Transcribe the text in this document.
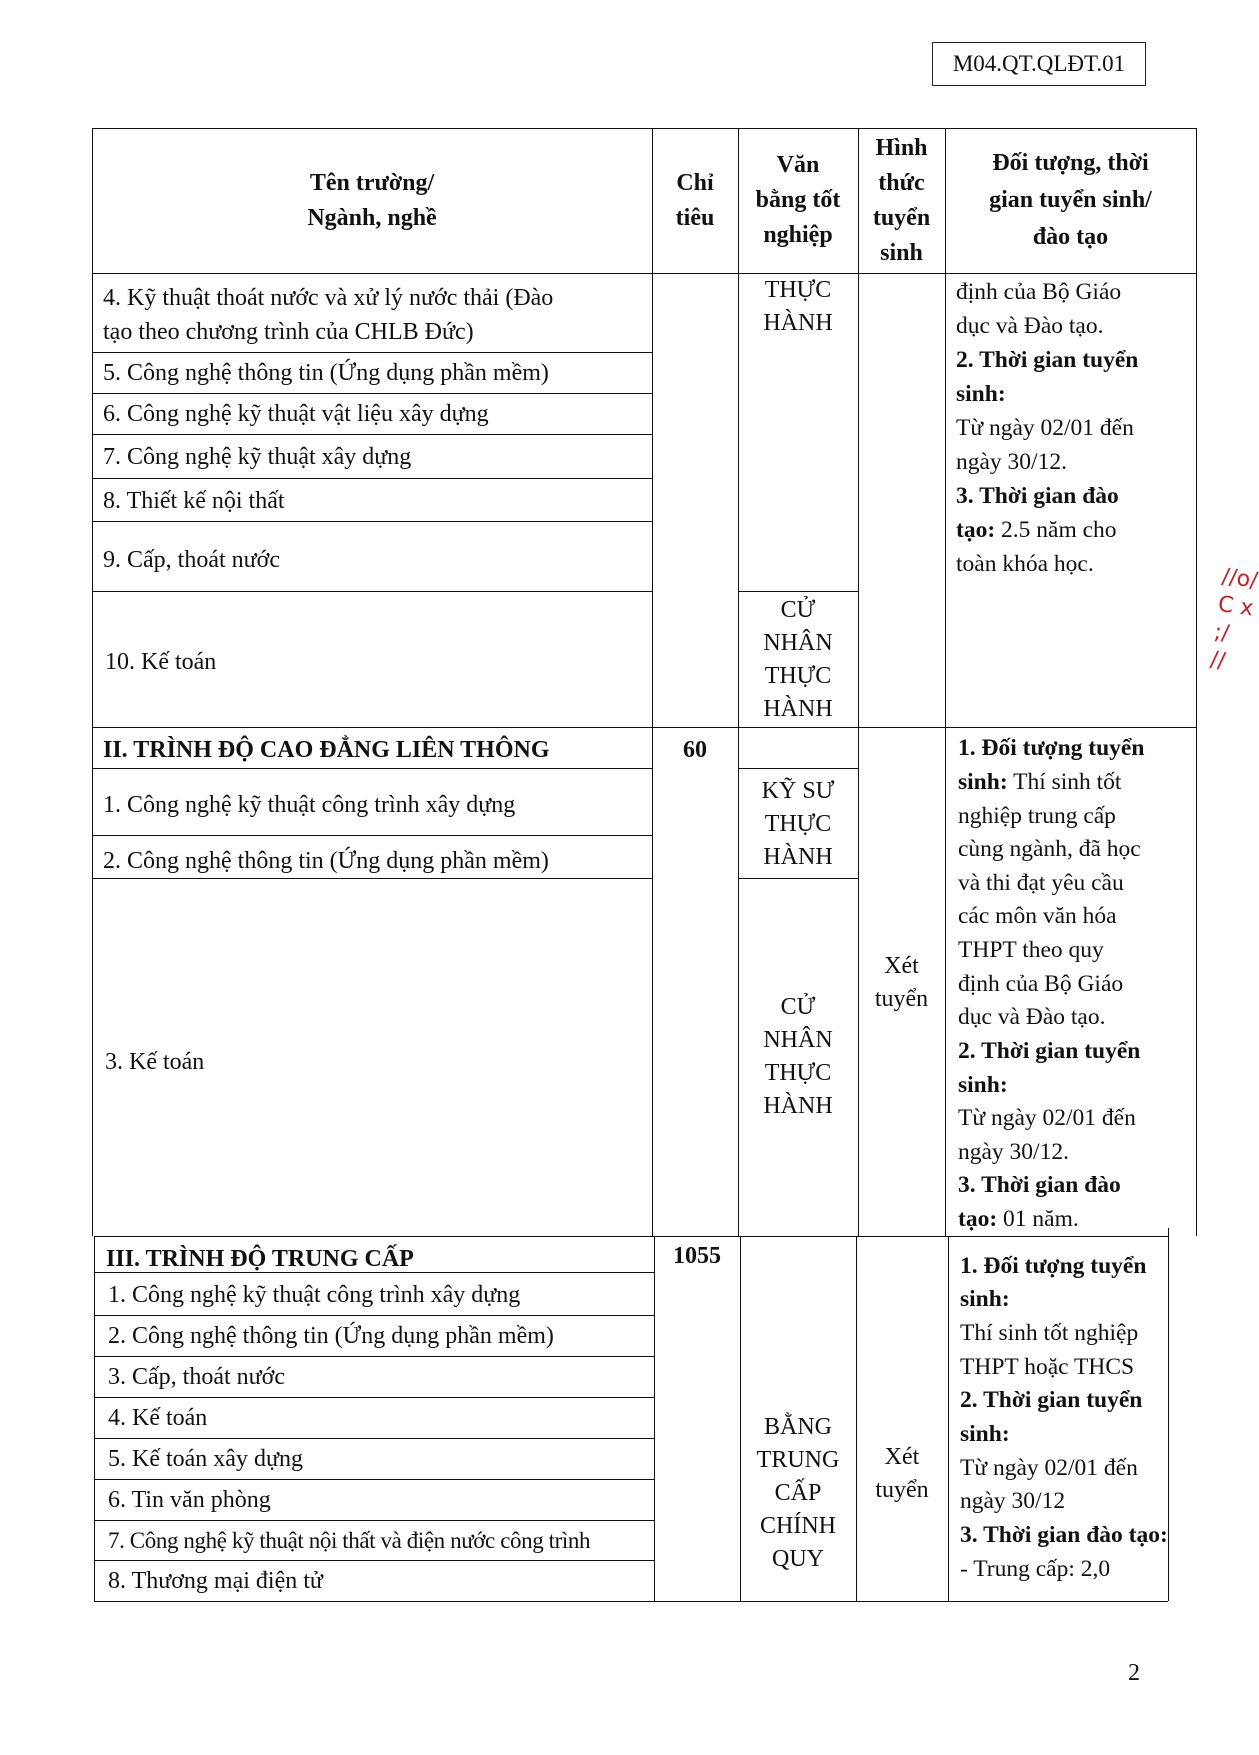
M04.QT.QLĐT.01
Tên trường/
Ngành, nghề
Chỉ
tiêu
Văn
bằng tốt
nghiệp
Hình
thức
tuyển
sinh
Đối tượng, thời
gian tuyển sinh/
đào tạo
4. Kỹ thuật thoát nước và xử lý nước thải (Đào
tạo theo chương trình của CHLB Đức)
5. Công nghệ thông tin (Ứng dụng phần mềm)
6. Công nghệ kỹ thuật vật liệu xây dựng
7. Công nghệ kỹ thuật xây dựng
8. Thiết kế nội thất
9. Cấp, thoát nước
10. Kế toán
THỰC
HÀNH
CỬ
NHÂN
THỰC
HÀNH
định của Bộ Giáo
dục và Đào tạo.
2. Thời gian tuyển
sinh:
Từ ngày 02/01 đến
ngày 30/12.
3. Thời gian đào
tạo: 2.5 năm cho
toàn khóa học.
II. TRÌNH ĐỘ CAO ĐẲNG LIÊN THÔNG	60
1. Công nghệ kỹ thuật công trình xây dựng
2. Công nghệ thông tin (Ứng dụng phần mềm)
3. Kế toán
KỸ SƯ
THỰC
HÀNH
CỬ
NHÂN
THỰC
HÀNH
Xét
tuyển
1. Đối tượng tuyển
sinh: Thí sinh tốt
nghiệp trung cấp
cùng ngành, đã học
và thi đạt yêu cầu
các môn văn hóa
THPT theo quy
định của Bộ Giáo
dục và Đào tạo.
2. Thời gian tuyển
sinh:
Từ ngày 02/01 đến
ngày 30/12.
3. Thời gian đào
tạo: 01 năm.
III. TRÌNH ĐỘ TRUNG CẤP	1055
1. Công nghệ kỹ thuật công trình xây dựng
2. Công nghệ thông tin (Ứng dụng phần mềm)
3. Cấp, thoát nước
4. Kế toán
5. Kế toán xây dựng
6. Tin văn phòng
7. Công nghệ kỹ thuật nội thất và điện nước công trình
8. Thương mại điện tử
BẰNG
TRUNG
CẤP
CHÍNH
QUY
Xét
tuyển
1. Đối tượng tuyển
sinh:
Thí sinh tốt nghiệp
THPT hoặc THCS
2. Thời gian tuyển
sinh:
Từ ngày 02/01 đến
ngày 30/12
3. Thời gian đào tạo:
- Trung cấp: 2,0
//o/ C x ;/ //
2
